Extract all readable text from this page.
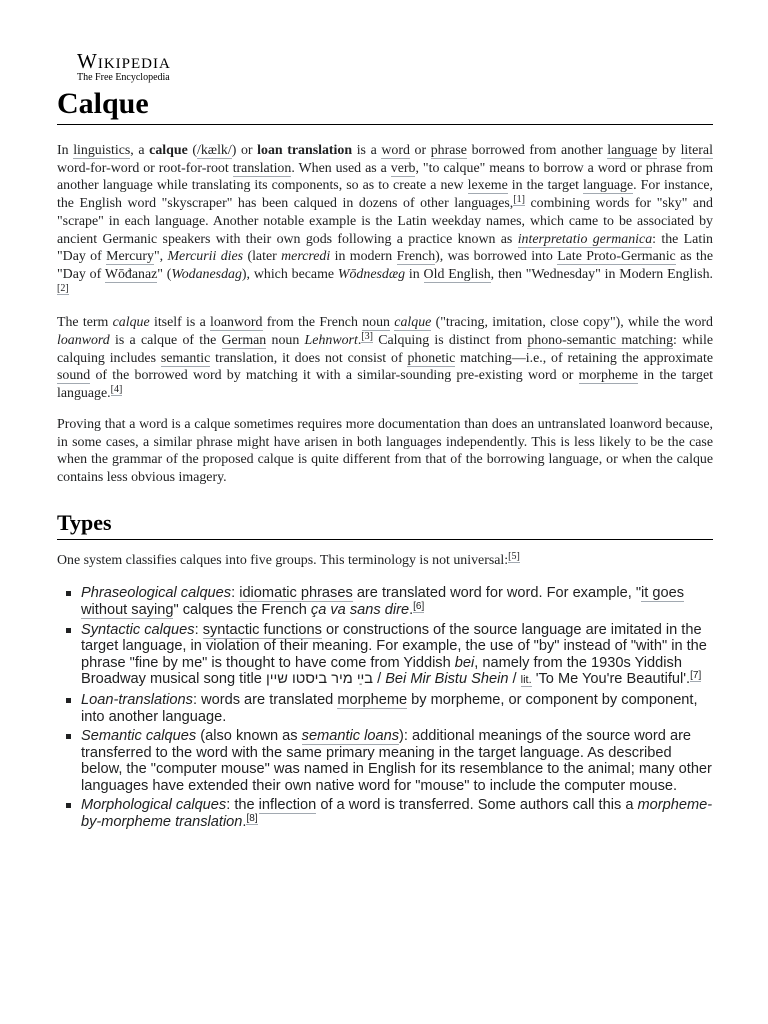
Wikipedia
The Free Encyclopedia
Calque

In linguistics, a calque (/kælk/) or loan translation is a word or phrase borrowed from another language by literal word-for-word or root-for-root translation. When used as a verb, "to calque" means to borrow a word or phrase from another language while translating its components, so as to create a new lexeme in the target language. For instance, the English word "skyscraper" has been calqued in dozens of other languages,[1] combining words for "sky" and "scrape" in each language. Another notable example is the Latin weekday names, which came to be associated by ancient Germanic speakers with their own gods following a practice known as interpretatio germanica: the Latin "Day of Mercury", Mercurii dies (later mercredi in modern French), was borrowed into Late Proto-Germanic as the "Day of Wōđanaz" (Wodanesdag), which became Wōdnesdæg in Old English, then "Wednesday" in Modern English.[2]

The term calque itself is a loanword from the French noun calque ("tracing, imitation, close copy"), while the word loanword is a calque of the German noun Lehnwort.[3] Calquing is distinct from phono-semantic matching: while calquing includes semantic translation, it does not consist of phonetic matching—i.e., of retaining the approximate sound of the borrowed word by matching it with a similar-sounding pre-existing word or morpheme in the target language.[4]

Proving that a word is a calque sometimes requires more documentation than does an untranslated loanword because, in some cases, a similar phrase might have arisen in both languages independently. This is less likely to be the case when the grammar of the proposed calque is quite different from that of the borrowing language, or when the calque contains less obvious imagery.

Types

One system classifies calques into five groups. This terminology is not universal:[5]

Phraseological calques: idiomatic phrases are translated word for word. For example, "it goes without saying" calques the French ça va sans dire.[6]
Syntactic calques: syntactic functions or constructions of the source language are imitated in the target language, in violation of their meaning. For example, the use of "by" instead of "with" in the phrase "fine by me" is thought to have come from Yiddish bei, namely from the 1930s Yiddish Broadway musical song title בײַ מיר ביסטו שיין / Bei Mir Bistu Shein / lit. 'To Me You're Beautiful'.[7]
Loan-translations: words are translated morpheme by morpheme, or component by component, into another language.
Semantic calques (also known as semantic loans): additional meanings of the source word are transferred to the word with the same primary meaning in the target language. As described below, the "computer mouse" was named in English for its resemblance to the animal; many other languages have extended their own native word for "mouse" to include the computer mouse.
Morphological calques: the inflection of a word is transferred. Some authors call this a morpheme-by-morpheme translation.[8]
